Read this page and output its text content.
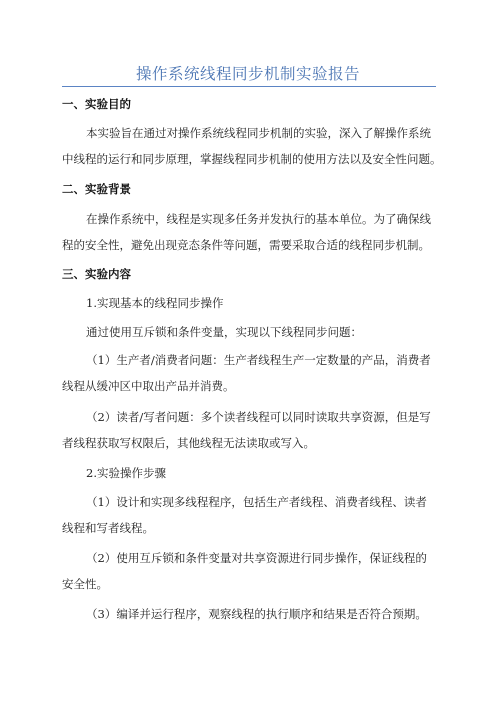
操作系统线程同步机制实验报告
一、实验目的
本实验旨在通过对操作系统线程同步机制的实验，深入了解操作系统
中线程的运行和同步原理，掌握线程同步机制的使用方法以及安全性问题。
二、实验背景
在操作系统中，线程是实现多任务并发执行的基本单位。为了确保线
程的安全性，避免出现竞态条件等问题，需要采取合适的线程同步机制。
三、实验内容
1.实现基本的线程同步操作
通过使用互斥锁和条件变量，实现以下线程同步问题：
（1）生产者/消费者问题：生产者线程生产一定数量的产品，消费者
线程从缓冲区中取出产品并消费。
（2）读者/写者问题：多个读者线程可以同时读取共享资源，但是写
者线程获取写权限后，其他线程无法读取或写入。
2.实验操作步骤
（1）设计和实现多线程程序，包括生产者线程、消费者线程、读者
线程和写者线程。
（2）使用互斥锁和条件变量对共享资源进行同步操作，保证线程的
安全性。
（3）编译并运行程序，观察线程的执行顺序和结果是否符合预期。
